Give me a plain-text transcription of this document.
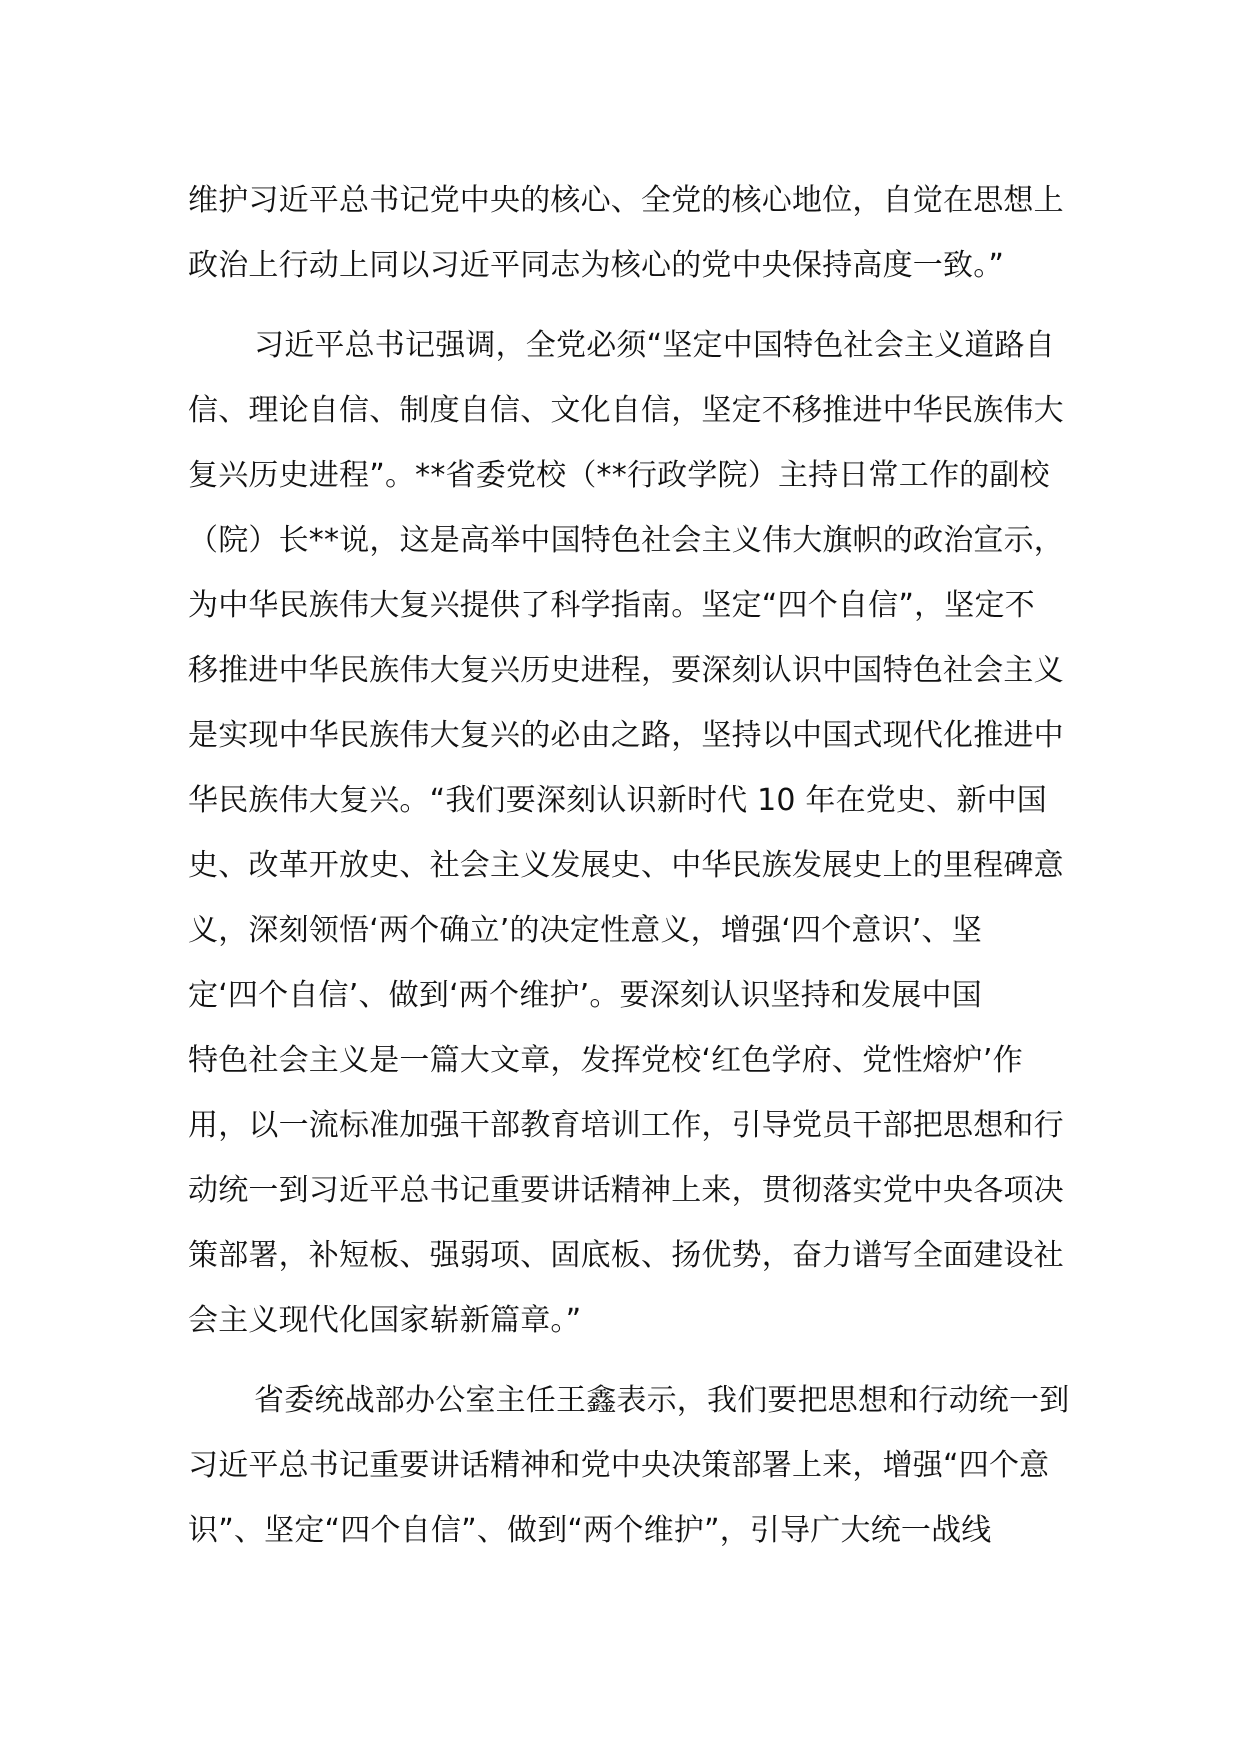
维护习近平总书记党中央的核心、全党的核心地位，自觉在思想上
政治上行动上同以习近平同志为核心的党中央保持高度一致。”

习近平总书记强调，全党必须“坚定中国特色社会主义道路自
信、理论自信、制度自信、文化自信，坚定不移推进中华民族伟大
复兴历史进程”。**省委党校（**行政学院）主持日常工作的副校
（院）长**说，这是高举中国特色社会主义伟大旗帜的政治宣示，
为中华民族伟大复兴提供了科学指南。坚定“四个自信”，坚定不
移推进中华民族伟大复兴历史进程，要深刻认识中国特色社会主义
是实现中华民族伟大复兴的必由之路，坚持以中国式现代化推进中
华民族伟大复兴。“我们要深刻认识新时代 10 年在党史、新中国
史、改革开放史、社会主义发展史、中华民族发展史上的里程碑意
义，深刻领悟‘两个确立’的决定性意义，增强‘四个意识’、坚
定‘四个自信’、做到‘两个维护’。要深刻认识坚持和发展中国
特色社会主义是一篇大文章，发挥党校‘红色学府、党性熔炉’作
用，以一流标准加强干部教育培训工作，引导党员干部把思想和行
动统一到习近平总书记重要讲话精神上来，贯彻落实党中央各项决
策部署，补短板、强弱项、固底板、扬优势，奋力谱写全面建设社
会主义现代化国家崭新篇章。”

省委统战部办公室主任王鑫表示，我们要把思想和行动统一到
习近平总书记重要讲话精神和党中央决策部署上来，增强“四个意
识”、坚定“四个自信”、做到“两个维护”，引导广大统一战线
